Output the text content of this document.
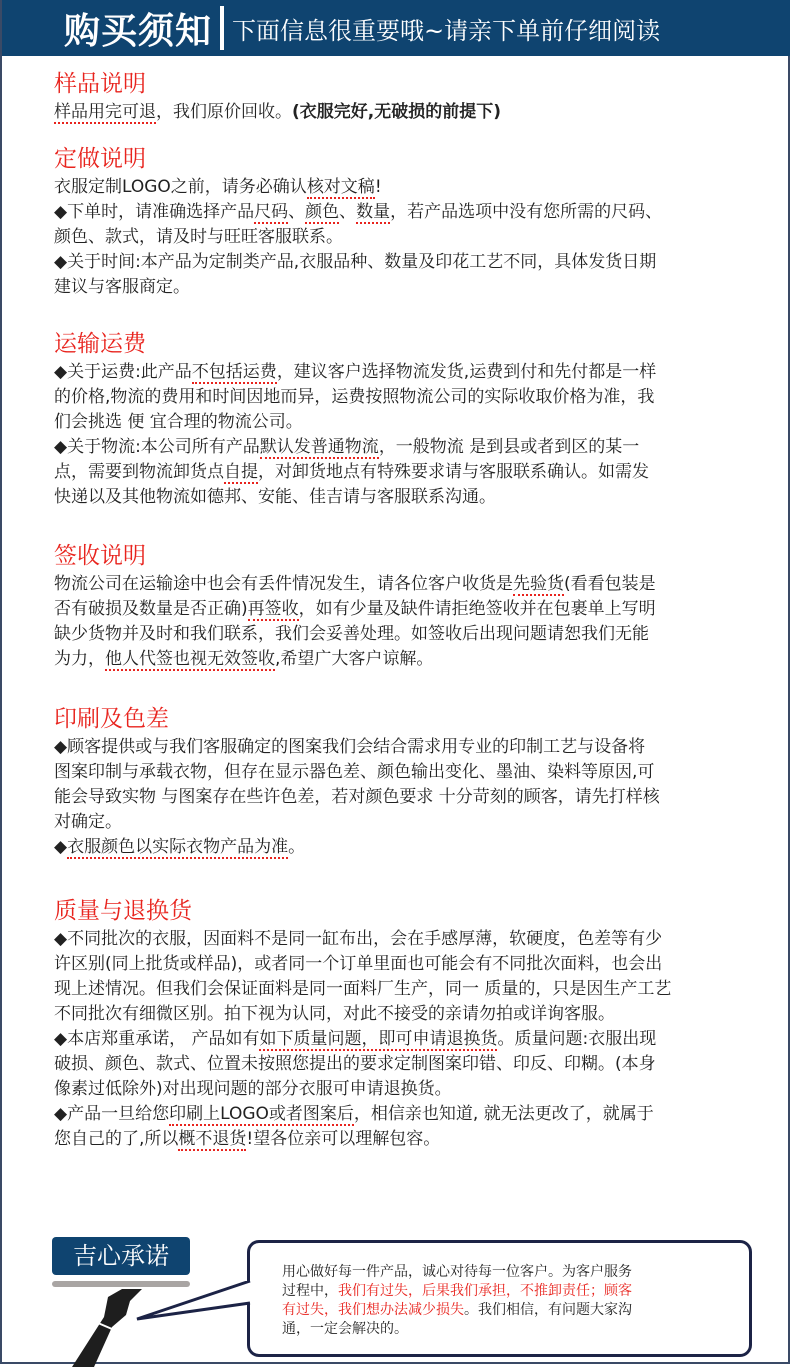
购买须知 下面信息很重要哦~请亲下单前仔细阅读
样品说明
样品用完可退，我们原价回收。(衣服完好,无破损的前提下)
定做说明
衣服定制LOGO之前，请务必确认核对文稿!
◆下单时，请准确选择产品尺码、颜色、数量，若产品选项中没有您所需的尺码、
颜色、款式，请及时与旺旺客服联系。
◆关于时间:本产品为定制类产品,衣服品种、数量及印花工艺不同，具体发货日期
建议与客服商定。
运输运费
◆关于运费:此产品不包括运费，建议客户选择物流发货,运费到付和先付都是一样
的价格,物流的费用和时间因地而异，运费按照物流公司的实际收取价格为准，我
们会挑选 便 宜合理的物流公司。
◆关于物流:本公司所有产品默认发普通物流，一般物流 是到县或者到区的某一
点，需要到物流卸货点自提，对卸货地点有特殊要求请与客服联系确认。如需发
快递以及其他物流如德邦、安能、佳吉请与客服联系沟通。
签收说明
物流公司在运输途中也会有丢件情况发生，请各位客户收货是先验货(看看包装是
否有破损及数量是否正确)再签收，如有少量及缺件请拒绝签收并在包裹单上写明
缺少货物并及时和我们联系，我们会妥善处理。如签收后出现问题请恕我们无能
为力，他人代签也视无效签收,希望广大客户谅解。
印刷及色差
◆顾客提供或与我们客服确定的图案我们会结合需求用专业的印制工艺与设备将
图案印制与承载衣物，但存在显示器色差、颜色输出变化、墨油、染料等原因,可
能会导致实物 与图案存在些许色差，若对颜色要求 十分苛刻的顾客，请先打样核
对确定。
◆衣服颜色以实际衣物产品为准。
质量与退换货
◆不同批次的衣服，因面料不是同一缸布出，会在手感厚薄，软硬度，色差等有少
许区别(同上批货或样品)，或者同一个订单里面也可能会有不同批次面料，也会出
现上述情况。但我们会保证面料是同一面料厂生产，同一 质量的，只是因生产工艺
不同批次有细微区别。拍下视为认同，对此不接受的亲请勿拍或详询客服。
◆本店郑重承诺， 产品如有如下质量问题，即可申请退换货。质量问题:衣服出现
破损、颜色、款式、位置未按照您提出的要求定制图案印错、印反、印糊。(本身
像素过低除外)对出现问题的部分衣服可申请退换货。
◆产品一旦给您印刷上LOGO或者图案后，相信亲也知道, 就无法更改了，就属于
您自己的了,所以概不退货!望各位亲可以理解包容。
吉心承诺
用心做好每一件产品，诚心对待每一位客户。为客户服务
过程中，我们有过失，后果我们承担，不推卸责任；顾客
有过失，我们想办法减少损失。我们相信，有问题大家沟
通，一定会解决的。
